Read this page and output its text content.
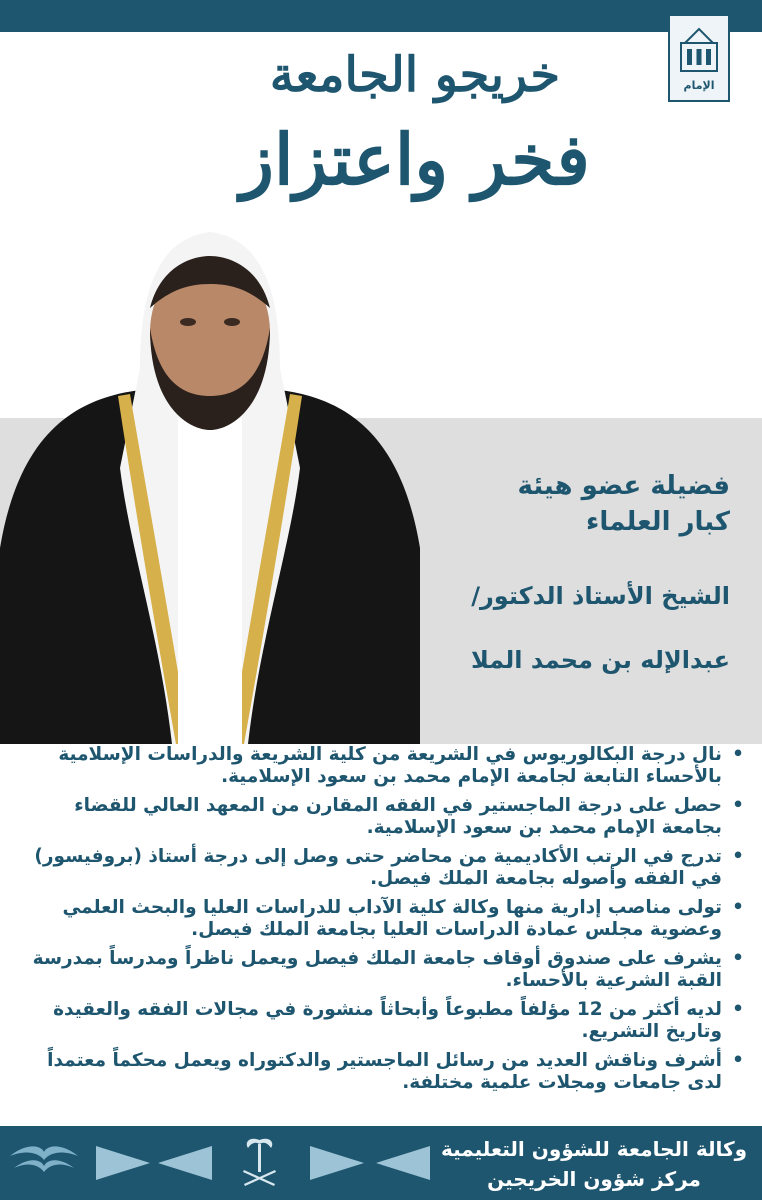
الإمام
خريجو الجامعة
فخر واعتزاز
فضيلة عضو هيئة
كبار العلماء
الشيخ الأستاذ الدكتور/
عبدالإله بن محمد الملا
• نال درجة البكالوريوس في الشريعة من كلية الشريعة والدراسات الإسلامية بالأحساء التابعة لجامعة الإمام محمد بن سعود الإسلامية.
• حصل على درجة الماجستير في الفقه المقارن من المعهد العالي للقضاء بجامعة الإمام محمد بن سعود الإسلامية.
• تدرج في الرتب الأكاديمية من محاضر حتى وصل إلى درجة أستاذ (بروفيسور) في الفقه وأصوله بجامعة الملك فيصل.
• تولى مناصب إدارية منها وكالة كلية الآداب للدراسات العليا والبحث العلمي وعضوية مجلس عمادة الدراسات العليا بجامعة الملك فيصل.
• يشرف على صندوق أوقاف جامعة الملك فيصل ويعمل ناظراً ومدرساً بمدرسة القبة الشرعية بالأحساء.
• لديه أكثر من 12 مؤلفاً مطبوعاً وأبحاثاً منشورة في مجالات الفقه والعقيدة وتاريخ التشريع.
• أشرف وناقش العديد من رسائل الماجستير والدكتوراه ويعمل محكماً معتمداً لدى جامعات ومجلات علمية مختلفة.
وكالة الجامعة للشؤون التعليمية
مركز شؤون الخريجين
